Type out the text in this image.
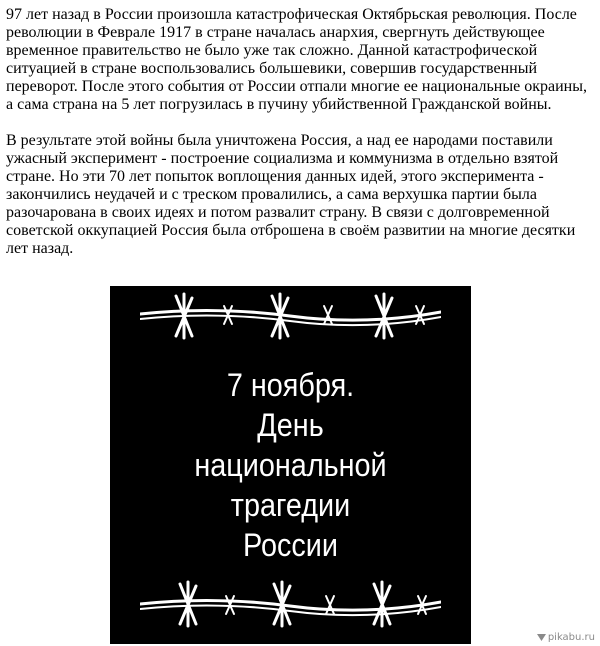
97 лет назад в России произошла катастрофическая Октябрьская революция. После революции в Феврале 1917 в стране началась анархия, свергнуть действующее временное правительство не было уже так сложно. Данной катастрофической ситуацией в стране воспользовались большевики, совершив государственный переворот. После этого события от России отпали многие ее национальные окраины, а сама страна на 5 лет погрузилась в пучину убийственной Гражданской войны.

В результате этой войны была уничтожена Россия, а над ее народами поставили ужасный эксперимент - построение социализма и коммунизма в отдельно взятой стране. Но эти 70 лет попыток воплощения данных идей, этого эксперимента - закончились неудачей и с треском провалились, а сама верхушка партии была разочарована в своих идеях и потом развалит страну. В связи с долговременной советской оккупацией Россия была отброшена в своём развитии на многие десятки лет назад.

7 ноября.
День
национальной
трагедии
России
pikabu.ru
